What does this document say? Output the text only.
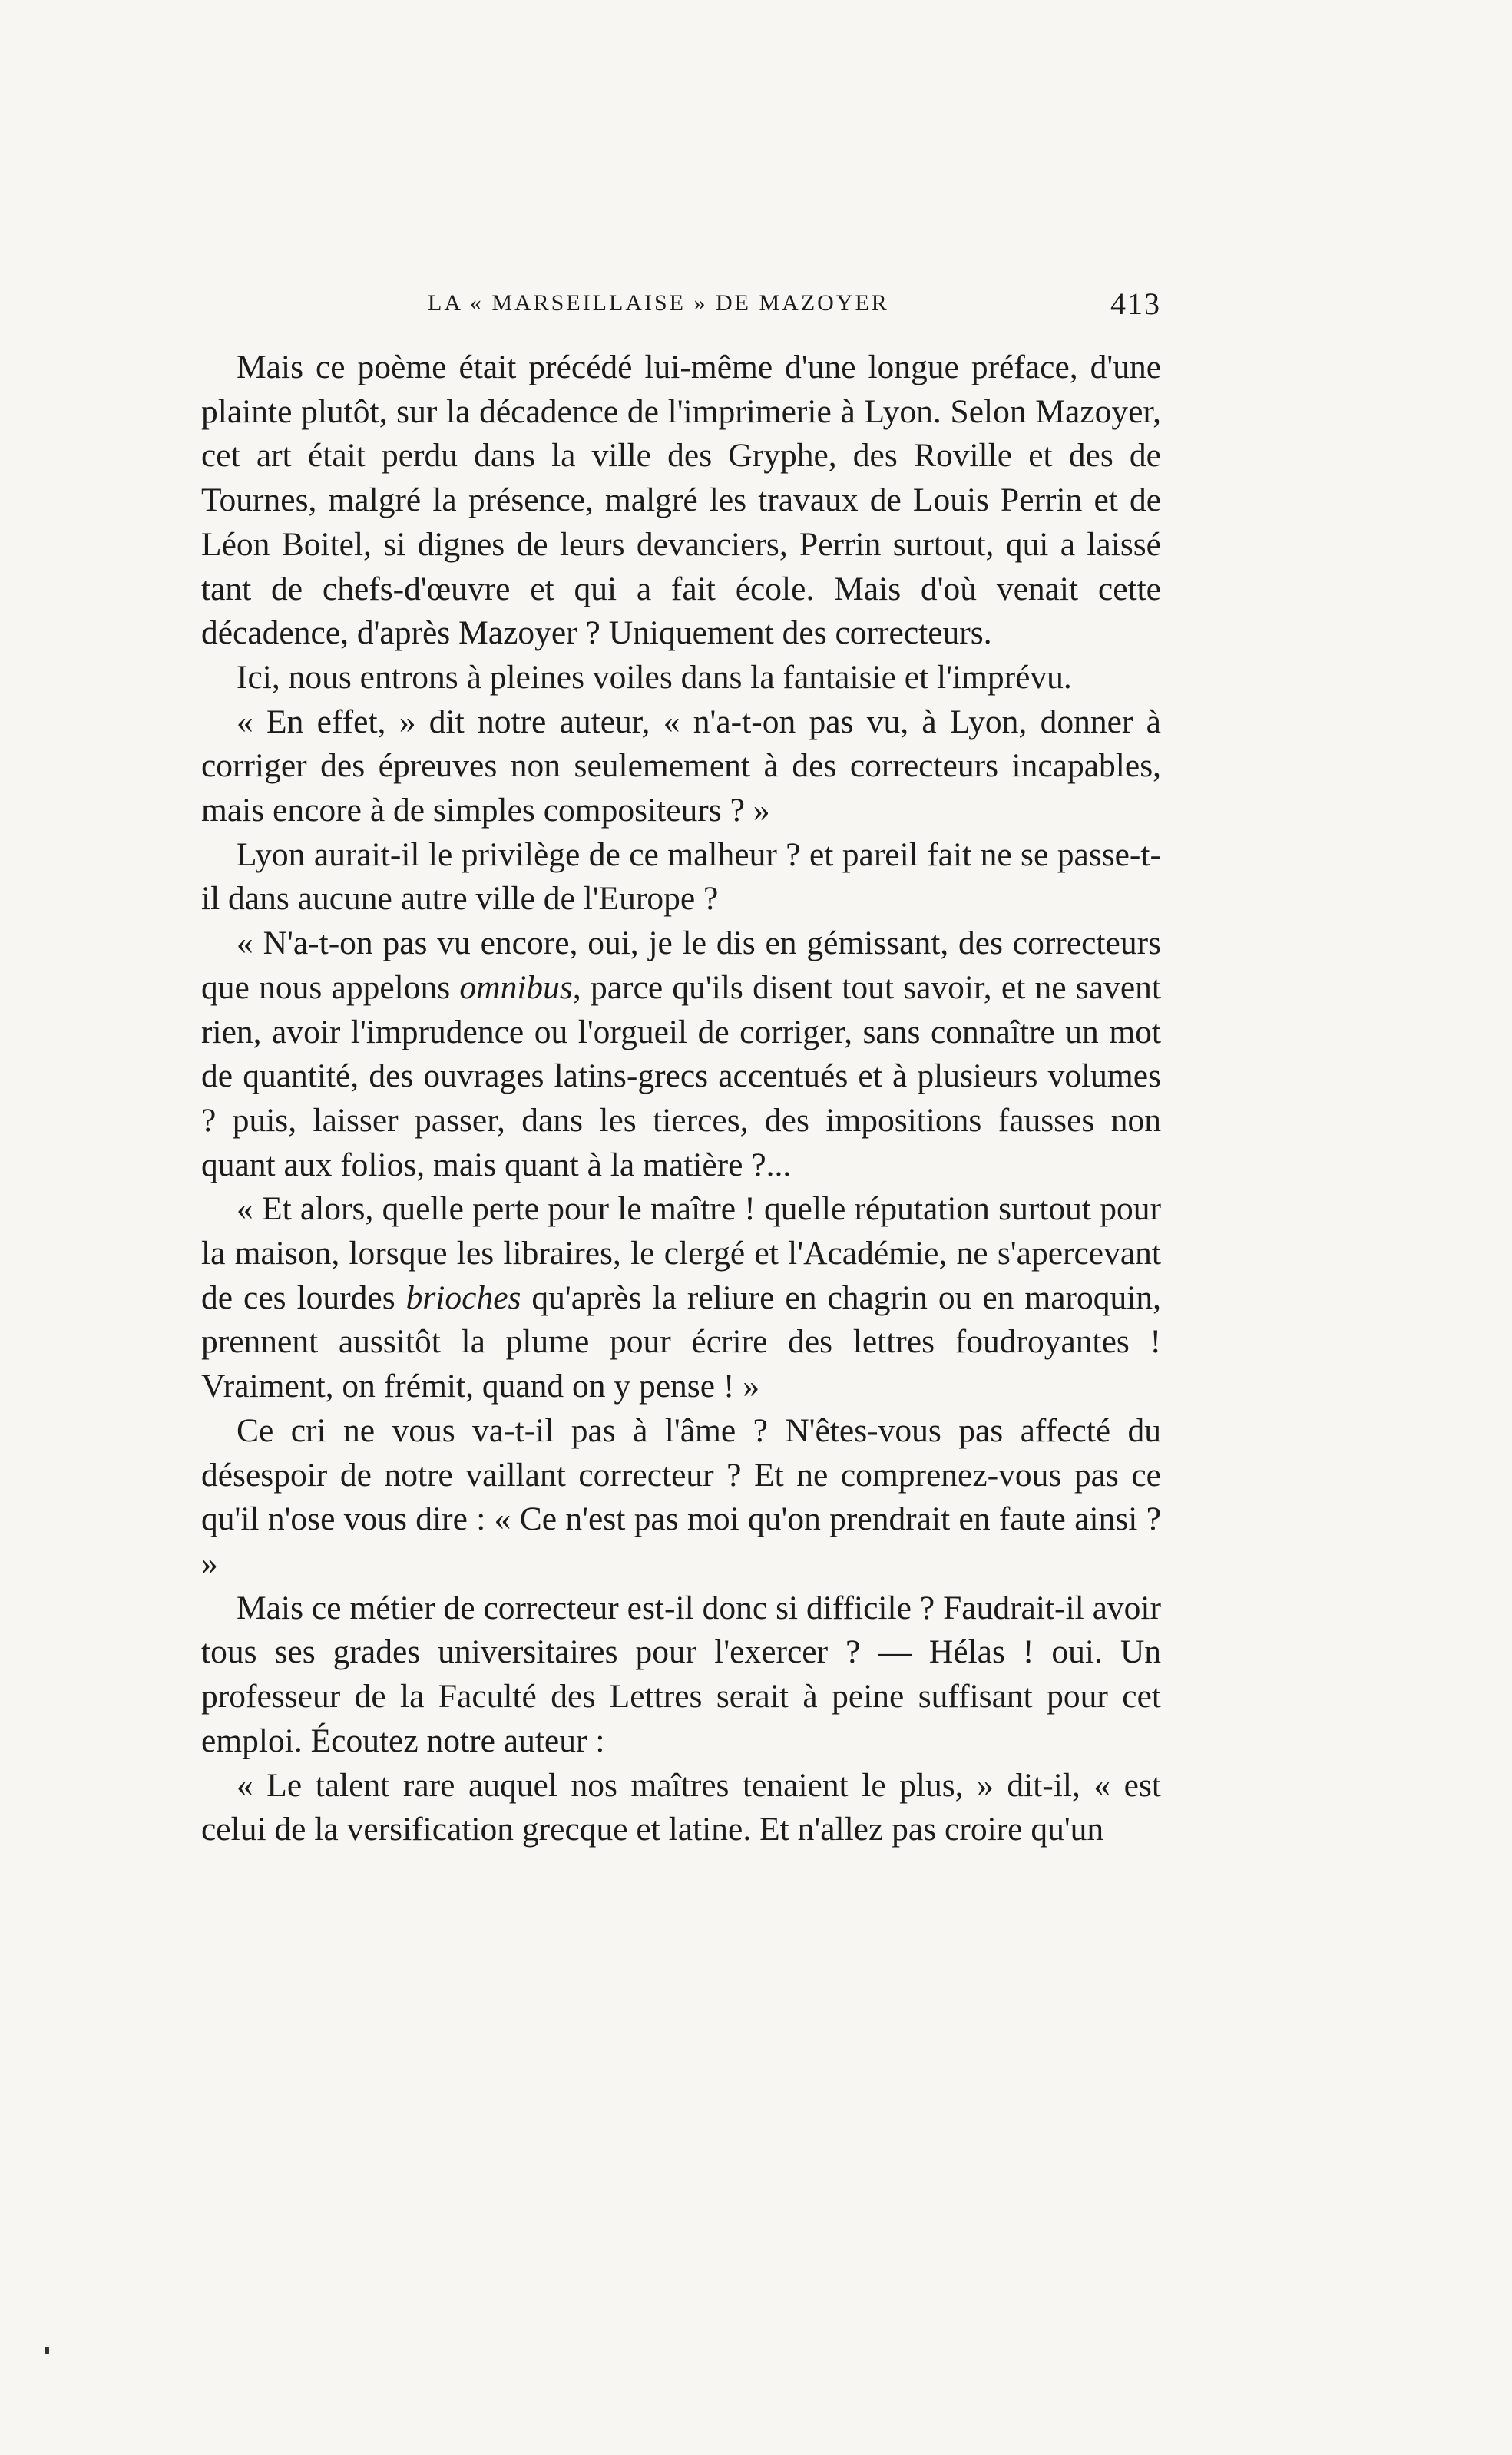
LA « MARSEILLAISE » DE MAZOYER	413

Mais ce poème était précédé lui-même d'une longue préface, d'une plainte plutôt, sur la décadence de l'imprimerie à Lyon. Selon Mazoyer, cet art était perdu dans la ville des Gryphe, des Roville et des de Tournes, malgré la présence, malgré les travaux de Louis Perrin et de Léon Boitel, si dignes de leurs devanciers, Perrin surtout, qui a laissé tant de chefs-d'œuvre et qui a fait école. Mais d'où venait cette décadence, d'après Mazoyer ? Uniquement des correcteurs.

Ici, nous entrons à pleines voiles dans la fantaisie et l'imprévu.

« En effet, » dit notre auteur, « n'a-t-on pas vu, à Lyon, donner à corriger des épreuves non seulemement à des correcteurs incapables, mais encore à de simples compositeurs ? »

Lyon aurait-il le privilège de ce malheur ? et pareil fait ne se passe-t-il dans aucune autre ville de l'Europe ?

« N'a-t-on pas vu encore, oui, je le dis en gémissant, des correcteurs que nous appelons omnibus, parce qu'ils disent tout savoir, et ne savent rien, avoir l'imprudence ou l'orgueil de corriger, sans connaître un mot de quantité, des ouvrages latins-grecs accentués et à plusieurs volumes ? puis, laisser passer, dans les tierces, des impositions fausses non quant aux folios, mais quant à la matière ?...

« Et alors, quelle perte pour le maître ! quelle réputation surtout pour la maison, lorsque les libraires, le clergé et l'Académie, ne s'apercevant de ces lourdes brioches qu'après la reliure en chagrin ou en maroquin, prennent aussitôt la plume pour écrire des lettres foudroyantes ! Vraiment, on frémit, quand on y pense ! »

Ce cri ne vous va-t-il pas à l'âme ? N'êtes-vous pas affecté du désespoir de notre vaillant correcteur ? Et ne comprenez-vous pas ce qu'il n'ose vous dire : « Ce n'est pas moi qu'on prendrait en faute ainsi ? »

Mais ce métier de correcteur est-il donc si difficile ? Faudrait-il avoir tous ses grades universitaires pour l'exercer ? — Hélas ! oui. Un professeur de la Faculté des Lettres serait à peine suffisant pour cet emploi. Écoutez notre auteur :

« Le talent rare auquel nos maîtres tenaient le plus, » dit-il, « est celui de la versification grecque et latine. Et n'allez pas croire qu'un
